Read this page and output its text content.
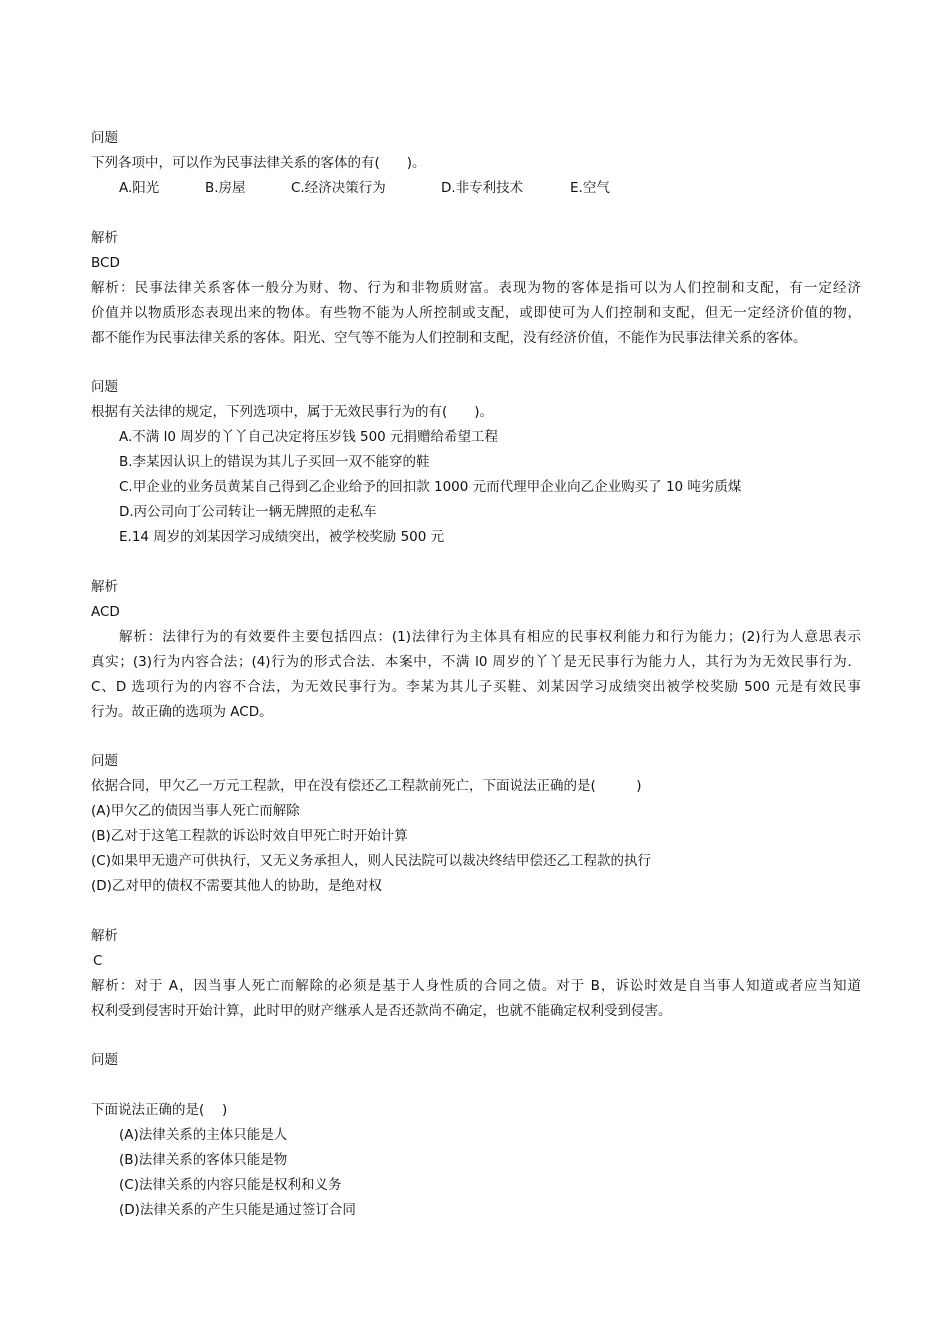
问题
下列各项中，可以作为民事法律关系的客体的有(　　)。
A.阳光	B.房屋	C.经济决策行为	D.非专利技术	E.空气
解析
BCD
解析：民事法律关系客体一般分为财、物、行为和非物质财富。表现为物的客体是指可以为人们控制和支配，有一定经济
价值并以物质形态表现出来的物体。有些物不能为人所控制或支配，或即使可为人们控制和支配，但无一定经济价值的物，
都不能作为民事法律关系的客体。阳光、空气等不能为人们控制和支配，没有经济价值，不能作为民事法律关系的客体。
问题
根据有关法律的规定，下列选项中，属于无效民事行为的有(　　)。
A.不满 l0 周岁的丫丫自己决定将压岁钱 500 元捐赠给希望工程
B.李某因认识上的错误为其儿子买回一双不能穿的鞋
C.甲企业的业务员黄某自己得到乙企业给予的回扣款 1000 元而代理甲企业向乙企业购买了 10 吨劣质煤
D.丙公司向丁公司转让一辆无牌照的走私车
E.14 周岁的刘某因学习成绩突出，被学校奖励 500 元
解析
ACD
解析：法律行为的有效要件主要包括四点：(1)法律行为主体具有相应的民事权利能力和行为能力；(2)行为人意思表示
真实；(3)行为内容合法；(4)行为的形式合法．本案中，不满 l0 周岁的丫丫是无民事行为能力人，其行为为无效民事行为．
C、D 选项行为的内容不合法，为无效民事行为。李某为其儿子买鞋、刘某因学习成绩突出被学校奖励 500 元是有效民事
行为。故正确的选项为 ACD。
问题
依据合同，甲欠乙一万元工程款，甲在没有偿还乙工程款前死亡，下面说法正确的是(　　　)
(A)甲欠乙的债因当事人死亡而解除
(B)乙对于这笔工程款的诉讼时效自甲死亡时开始计算
(C)如果甲无遗产可供执行，又无义务承担人，则人民法院可以裁决终结甲偿还乙工程款的执行
(D)乙对甲的债权不需要其他人的协助，是绝对权
解析
C
解析：对于 A，因当事人死亡而解除的必须是基于人身性质的合同之债。对于 B，诉讼时效是自当事人知道或者应当知道
权利受到侵害时开始计算，此时甲的财产继承人是否还款尚不确定，也就不能确定权利受到侵害。
问题
下面说法正确的是(　 )
(A)法律关系的主体只能是人
(B)法律关系的客体只能是物
(C)法律关系的内容只能是权利和义务
(D)法律关系的产生只能是通过签订合同
